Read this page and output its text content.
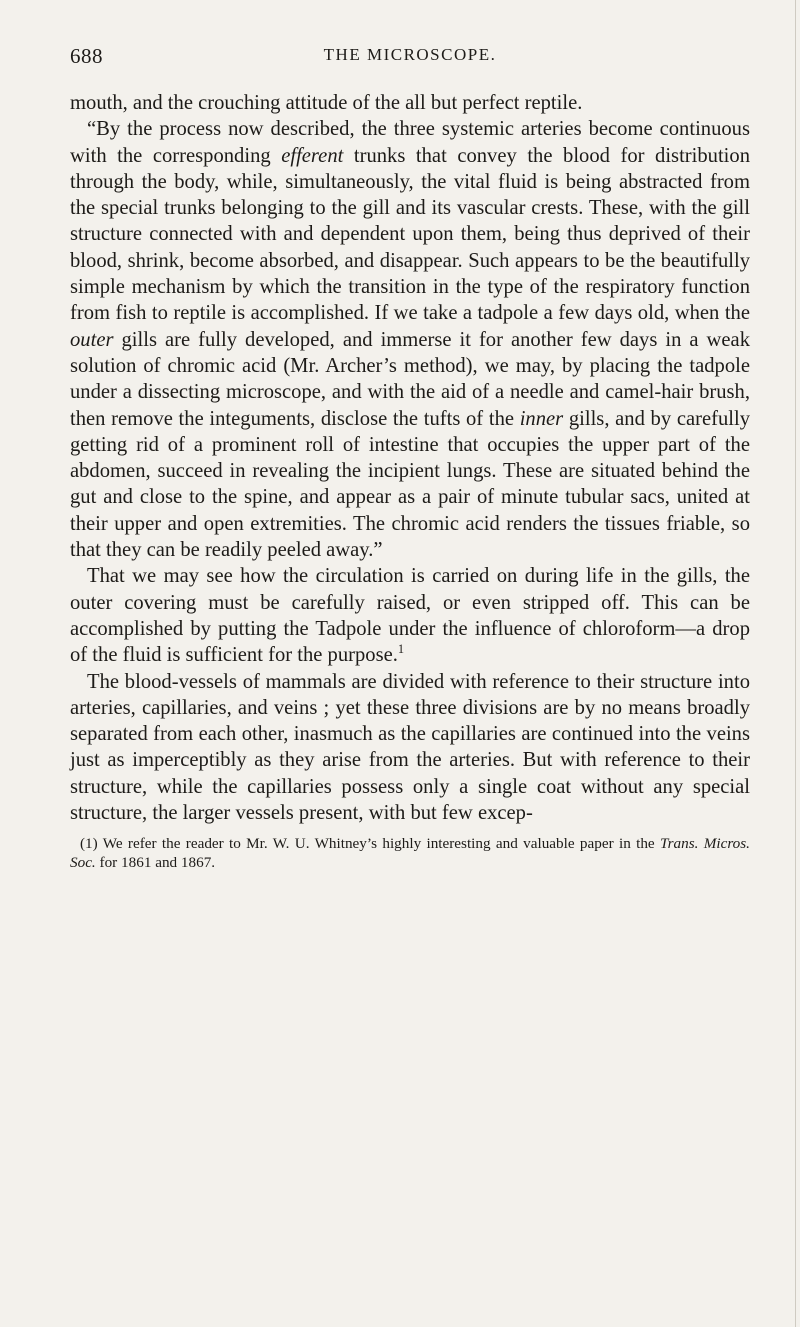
688	THE MICROSCOPE.

mouth, and the crouching attitude of the all but perfect reptile.

“By the process now described, the three systemic arteries become continuous with the corresponding efferent trunks that convey the blood for distribution through the body, while, simultaneously, the vital fluid is being abstracted from the special trunks belonging to the gill and its vascular crests. These, with the gill structure connected with and dependent upon them, being thus deprived of their blood, shrink, become absorbed, and disappear. Such appears to be the beautifully simple mechanism by which the transition in the type of the respiratory function from fish to reptile is accomplished. If we take a tadpole a few days old, when the outer gills are fully developed, and immerse it for another few days in a weak solution of chromic acid (Mr. Archer’s method), we may, by placing the tadpole under a dissecting microscope, and with the aid of a needle and camel-hair brush, then remove the integuments, disclose the tufts of the inner gills, and by carefully getting rid of a prominent roll of intestine that occupies the upper part of the abdomen, succeed in revealing the incipient lungs. These are situated behind the gut and close to the spine, and appear as a pair of minute tubular sacs, united at their upper and open extremities. The chromic acid renders the tissues friable, so that they can be readily peeled away.”

That we may see how the circulation is carried on during life in the gills, the outer covering must be carefully raised, or even stripped off. This can be accomplished by putting the Tadpole under the influence of chloroform—a drop of the fluid is sufficient for the purpose.$^1$

The blood-vessels of mammals are divided with reference to their structure into arteries, capillaries, and veins ; yet these three divisions are by no means broadly separated from each other, inasmuch as the capillaries are continued into the veins just as imperceptibly as they arise from the arteries. But with reference to their structure, while the capillaries possess only a single coat without any special structure, the larger vessels present, with but few excep-

(1) We refer the reader to Mr. W. U. Whitney’s highly interesting and valuable paper in the Trans. Micros. Soc. for 1861 and 1867.
